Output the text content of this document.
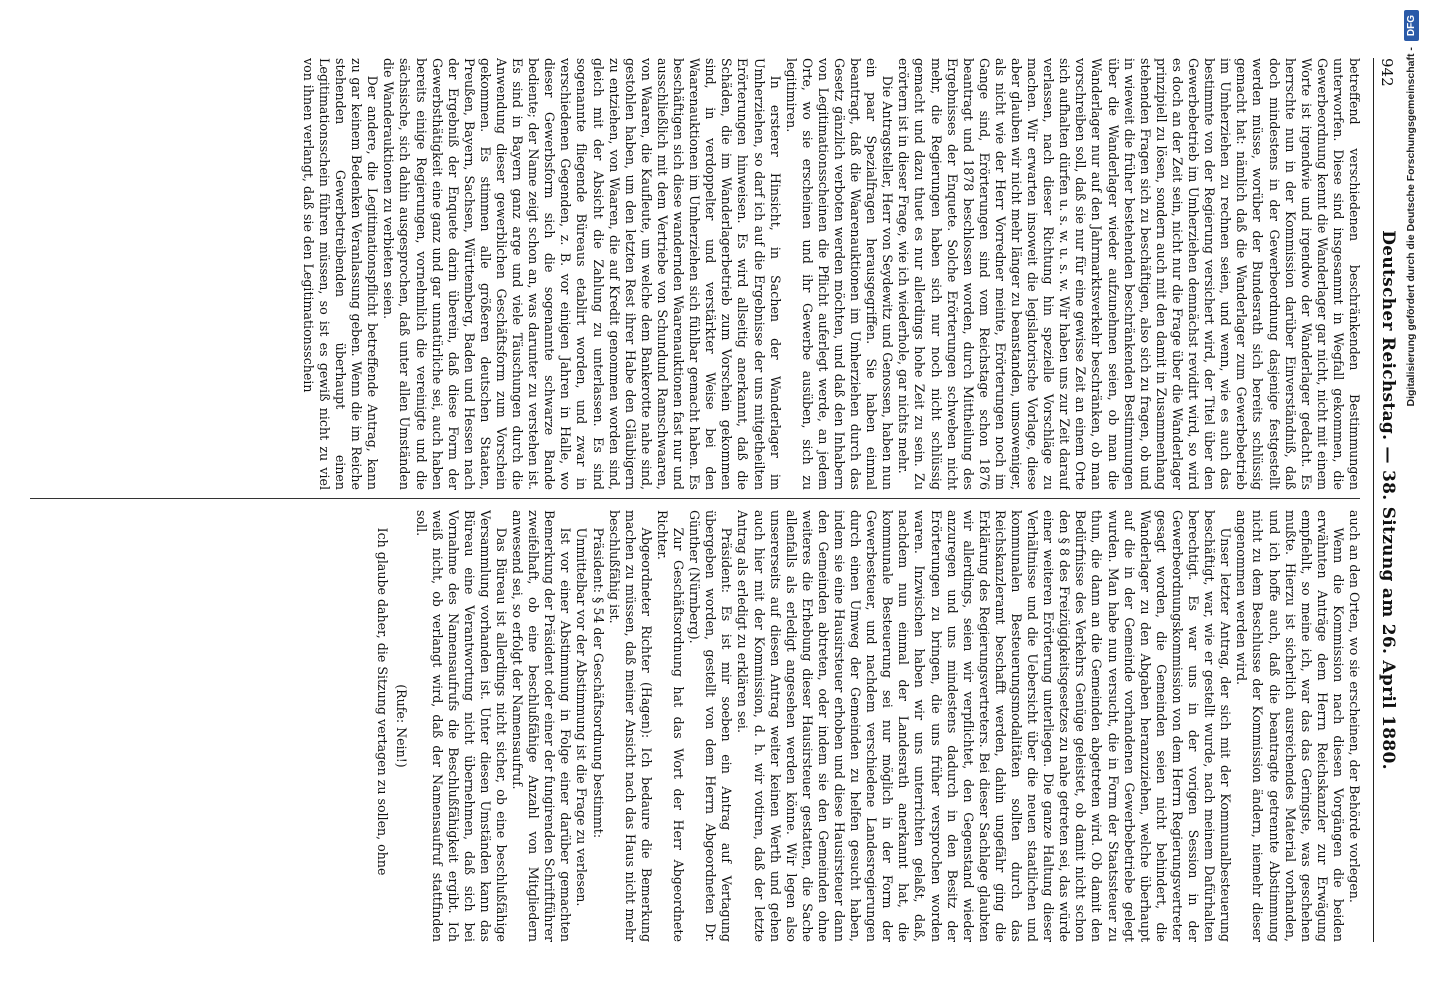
942
Deutscher Reichstag. — 38. Sitzung am 26. April 1880.

betreffend verschiedenen beschränkenden Bestimmungen unterworfen. Diese sind insgesammt in Wegfall gekommen, die Gewerbeordnung kennt die Wanderlager gar nicht, nicht mit einem Worte ist irgendwie und irgendwo der Wanderlager gedacht. Es herrschte nun in der Kommission darüber Einverständniß, daß doch mindestens in der Gewerbeordnung dasjenige festgestellt werden müsse, worüber der Bundesrath sich bereits schlüssig gemacht hat: nämlich daß die Wanderlager zum Gewerbebetrieb im Umherziehen zu rechnen seien, und wenn, wie es auch das bestimmte von der Regierung versichert wird, der Titel über den Gewerbebetrieb im Umherziehen demnächst revidirt wird, so wird es doch an der Zeit sein, nicht nur die Frage über die Wanderlager prinzipiell zu lösen, sondern auch mit den damit in Zusammenhang stehenden Fragen sich zu beschäftigen, also sich zu fragen, ob und in wieweit die früher bestehenden beschränkenden Bestimmungen über die Wanderlager wieder aufzunehmen seien, ob man die Wanderlager nur auf den Jahrmarktsverkehr beschränken, ob man vorschreiben soll, daß sie nur für eine gewisse Zeit an einem Orte sich aufhalten dürfen u. s. w. u. s. w. Wir haben uns zur Zeit darauf verlassen, nach dieser Richtung hin spezielle Vorschläge zu machen. Wir erwarten insoweit die legislatorische Vorlage, diese aber glauben wir nicht mehr länger zu beanstanden, umsoweniger, als nicht wie der Herr Vorredner meinte, Erörterungen noch im Gange sind, Erörterungen sind vom Reichstage schon 1876 beantragt und 1878 beschlossen worden, durch Mittheilung des Ergebnisses der Enquete. Solche Erörterungen schweben nicht mehr, die Regierungen haben sich nur noch nicht schlüssig gemacht und dazu thuet es nur allerdings hohe Zeit zu sein. Zu erörtern ist in dieser Frage, wie ich wiederhole, gar nichts mehr.

Die Antragsteller, Herr von Seydewitz und Genossen, haben nun ein paar Spezialfragen herausgegriffen. Sie haben einmal beantragt, daß die Waarenauktionen im Umherziehen durch das Gesetz gänzlich verboten werden möchten, und daß den Inhabern von Legitimationsscheinen die Pflicht auferlegt werde, an jedem Orte, wo sie erscheinen und ihr Gewerbe ausüben, sich zu legitimiren.

In ersterer Hinsicht, in Sachen der Wanderlager im Umherziehen, so darf ich auf die Ergebnisse der uns mitgetheilten Erörterungen hinweisen. Es wird allseitig anerkannt, daß die Schäden, die im Wanderlagerbetrieb zum Vorschein gekommen sind, in verdoppelter und verstärkter Weise bei den Waarenauktionen im Umherziehen sich fühlbar gemacht haben. Es beschäftigen sich diese wandernden Waarenauktionen fast nur und ausschließlich mit dem Vertriebe von Schundund Ramschwaaren, von Waaren, die Kaufleute, um welche dem Bankerotte nahe sind, gestohlen haben, um den letzten Rest ihrer Habe den Gläubigern zu entziehen, von Waaren, die auf Kredit genommen worden sind, gleich mit der Absicht die Zahlung zu unterlassen. Es sind sogenannte fliegende Büreaus etablirt worden, und zwar in verschiedenen Gegenden, z. B. vor einigen Jahren in Halle, wo dieser Gewerbsform sich die sogenannte schwarze Bande bediente; der Name zeigt schon an, was darunter zu verstehen ist. Es sind in Bayern ganz arge und viele Täuschungen durch die Anwendung dieser gewerblichen Geschäftsform zum Vorschein gekommen. Es stimmen alle größeren deutschen Staaten, Preußen, Bayern, Sachsen, Württemberg, Baden und Hessen nach der Ergebniß der Enquete darin überein, daß diese Form der Gewerbsthätigkeit eine ganz und gar unnatürliche sei, auch haben bereits einige Regierungen, vornehmlich die vereinigte und die sächsische, sich dahin ausgesprochen, daß unter allen Umständen die Wanderauktionen zu verbieten seien.

Der andere, die Legitimationspflicht betreffende Antrag, kann zu gar keinem Bedenken Veranlassung geben. Wenn die im Reiche stehenden Gewerbetreibenden überhaupt einen Legitimationsschein führen müssen, so ist es gewiß nicht zu viel von ihnen verlangt, daß sie den Legitimationsschein

auch an den Orten, wo sie erscheinen, der Behörde vorlegen.

Wenn die Kommission nach diesen Vorgängen die beiden erwähnten Anträge dem Herrn Reichskanzler zur Erwägung empfiehlt, so meine ich, war das das Geringste, was geschehen mußte. Hierzu ist sicherlich ausreichendes Material vorhanden, und ich hoffe auch, daß die beantragte getrennte Abstimmung nicht zu dem Beschlusse der Kommission ändern, niemehr dieser angenommen werden wird.

Unser letzter Antrag, der sich mit der Kommunalbesteuerung beschäftigt, war, wie er gestellt wurde, nach meinem Dafürhalten berechtigt. Es war uns in der vorigen Session in der Gewerbeordnungskommission von dem Herrn Regierungsvertreter gesagt worden, die Gemeinden seien nicht behindert, die Wanderlager zu den Abgaben heranzuziehen, welche überhaupt auf die in der Gemeinde vorhandenen Gewerbebetriebe gelegt wurden. Man habe nun versucht, die in Form der Staatssteuer zu thun, die dann an die Gemeinden abgetreten wird. Ob damit den Bedürfnisse des Verkehrs Genüge geleistet, ob damit nicht schon den § 8 des Freizügigkeitsgesetzes zu nahe getreten sei, das würde einer weiteren Erörterung unterliegen. Die ganze Haltung dieser Verhältnisse und die Uebersicht über die neuen staatlichen und kommunalen Besteuerungsmodalitäten sollten durch das Reichskanzleramt beschafft werden, dahin ungefähr ging die Erklärung des Regierungsvertreters. Bei dieser Sachlage glaubten wir allerdings, seien wir verpflichtet, den Gegenstand wieder anzuregen und uns mindestens dadurch in den Besitz der Erörterungen zu bringen, die uns früher versprochen worden waren. Inzwischen haben wir uns unterrichten gelaßt, daß, nachdem nun einmal der Landesrath anerkannt hat, die kommunale Besteuerung sei nur möglich in der Form der Gewerbesteuer, und nachdem verschiedene Landesregierungen durch einen Umweg der Gemeinden zu helfen gesucht haben, indem sie eine Hausirsteuer erhoben und diese Hausirsteuer dann den Gemeinden abtreten, oder indem sie den Gemeinden ohne weiteres die Erhebung dieser Hausirsteuer gestatten, die Sache allenfalls als erledigt angesehen werden könne. Wir legen also unsererseits auf diesen Antrag weiter keinen Werth und gehen auch hier mit der Kommission, d. h. wir votiren, daß der letzte Antrag als erledigt zu erklären sei.

Präsident: Es ist mir soeben ein Antrag auf Vertagung übergeben worden, gestellt von dem Herrn Abgeordneten Dr. Günther (Nürnberg).

Zur Geschäftsordnung hat das Wort der Herr Abgeordnete Richter.

Abgeordneter Richter (Hagen): Ich bedaure die Bemerkung machen zu müssen, daß meiner Ansicht nach das Haus nicht mehr beschlußfähig ist.

Präsident: § 54 der Geschäftsordnung bestimmt:

Unmittelbar vor der Abstimmung ist die Frage zu verlesen.

Ist vor einer Abstimmung in Folge einer darüber gemachten Bemerkung der Präsident oder einer der fungirenden Schriftführer zweifelhaft, ob eine beschlußfähige Anzahl von Mitgliedern anwesend sei, so erfolgt der Namensaufruf.

Das Büreau ist allerdings nicht sicher, ob eine beschlußfähige Versammlung vorhanden ist. Unter diesen Umständen kann das Büreau eine Verantwortung nicht übernehmen, daß sich bei Vornahme des Namensaufrufs die Beschlußfähigkeit ergibt. Ich weiß nicht, ob verlangt wird, daß der Namensaufruf stattfinden soll.

(Rufe: Nein!)

Ich glaube daher, die Sitzung vertagen zu sollen, ohne

Digitalisierung gefördert durch die Deutsche Forschungsgemeinschaft -
DFG
